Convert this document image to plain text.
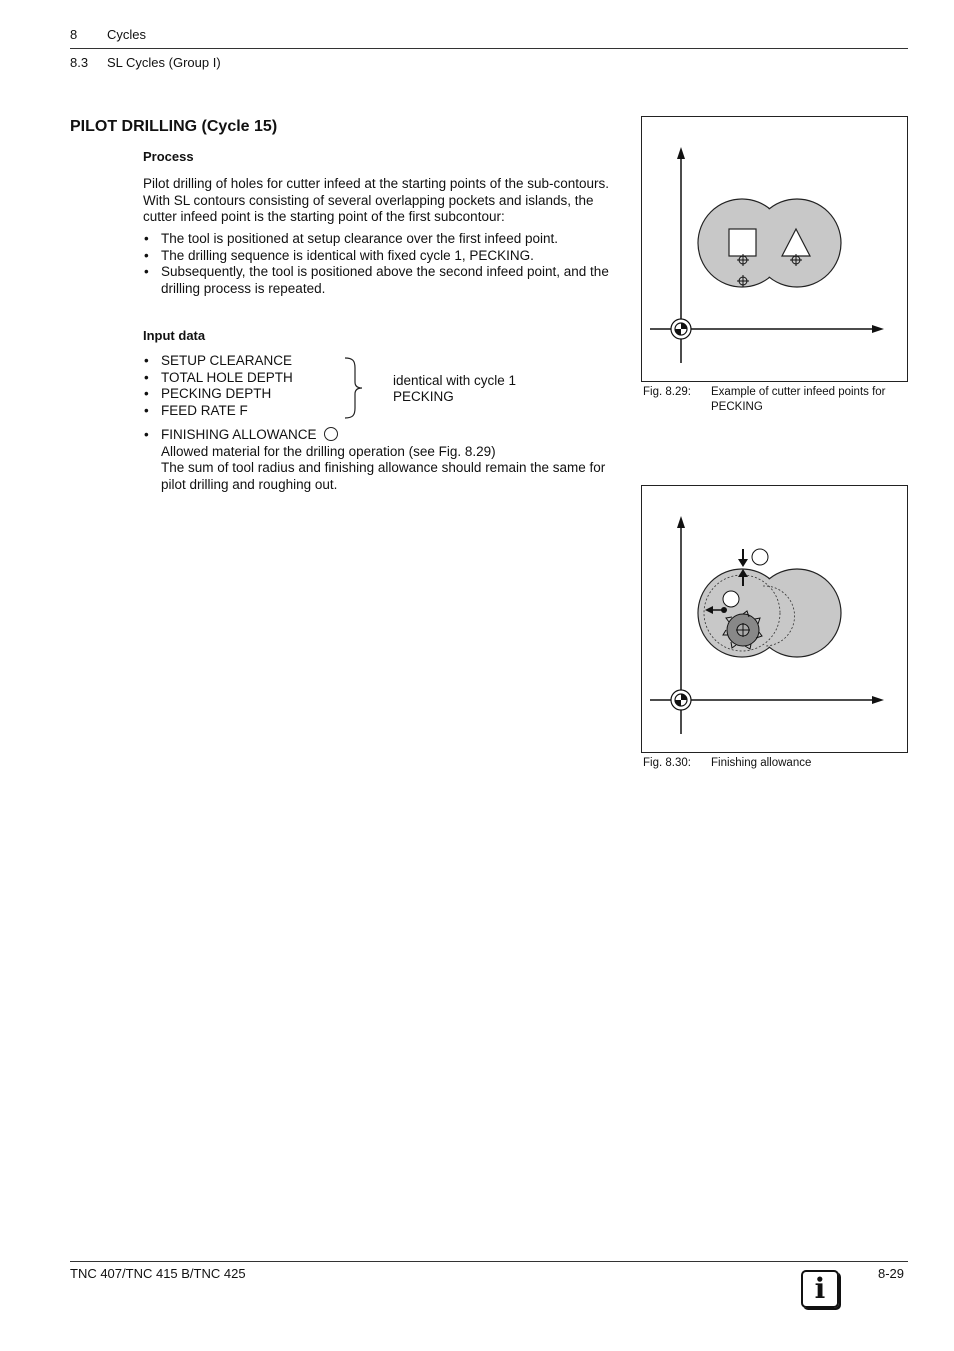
8 Cycles
8.3 SL Cycles (Group I)
PILOT DRILLING (Cycle 15)
Process
Pilot drilling of holes for cutter infeed at the starting points of the sub-contours. With SL contours consisting of several overlapping pockets and islands, the cutter infeed point is the starting point of the first subcontour:
• The tool is positioned at setup clearance over the first infeed point.
• The drilling sequence is identical with fixed cycle 1, PECKING.
• Subsequently, the tool is positioned above the second infeed point, and the drilling process is repeated.
Input data
• SETUP CLEARANCE
• TOTAL HOLE DEPTH
• PECKING DEPTH
• FEED RATE F
identical with cycle 1
PECKING
• FINISHING ALLOWANCE
Allowed material for the drilling operation (see Fig. 8.29)
The sum of tool radius and finishing allowance should remain the same for pilot drilling and roughing out.
Fig. 8.29: Example of cutter infeed points for PECKING
Fig. 8.30: Finishing allowance
TNC 407/TNC 415 B/TNC 425	8-29
i
